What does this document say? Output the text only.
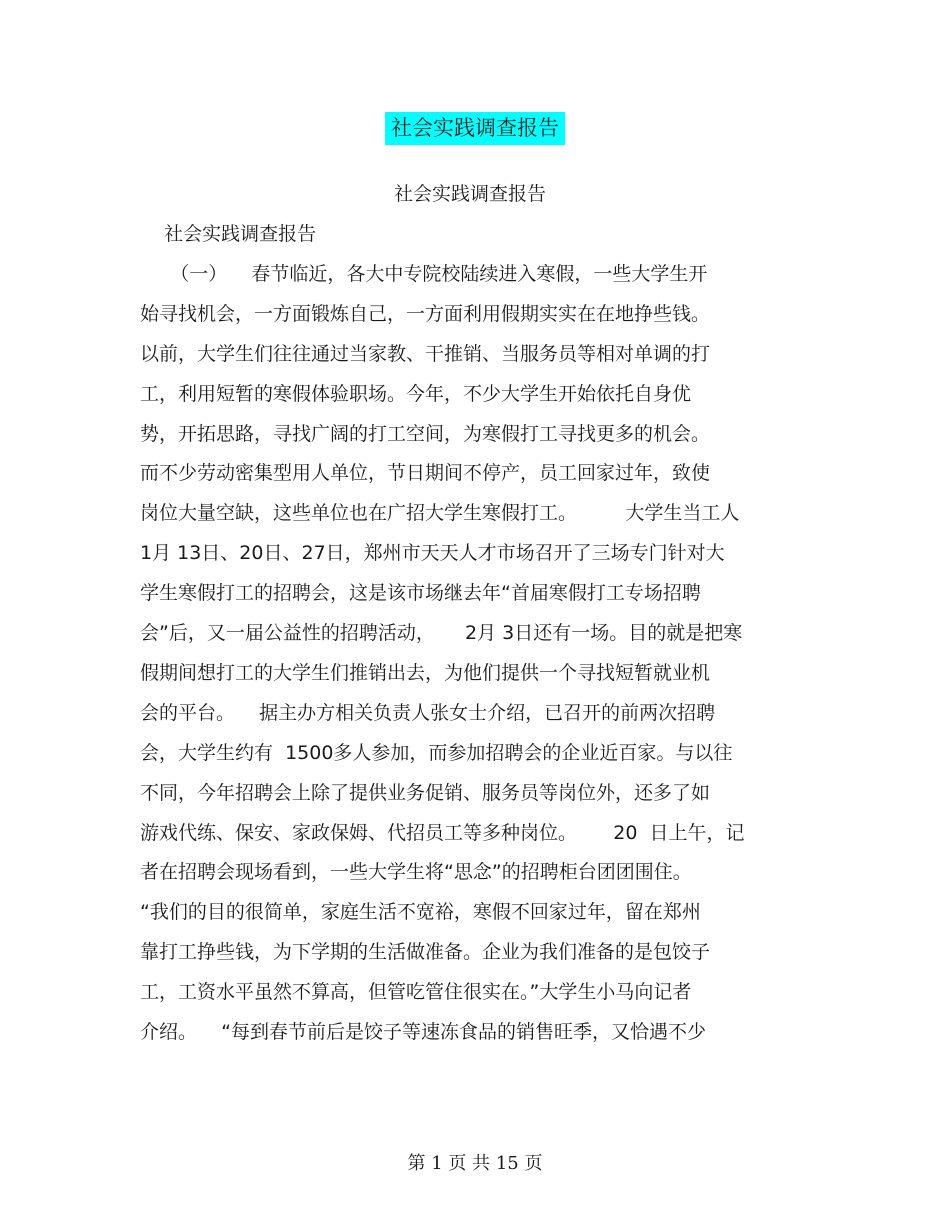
社会实践调查报告
社会实践调查报告
社会实践调查报告
（一）    春节临近，各大中专院校陆续进入寒假，一些大学生开
始寻找机会，一方面锻炼自己，一方面利用假期实实在在地挣些钱。
以前，大学生们往往通过当家教、干推销、当服务员等相对单调的打
工，利用短暂的寒假体验职场。今年，不少大学生开始依托自身优
势，开拓思路，寻找广阔的打工空间，为寒假打工寻找更多的机会。
而不少劳动密集型用人单位，节日期间不停产，员工回家过年，致使
岗位大量空缺，这些单位也在广招大学生寒假打工。        大学生当工人
1月 13日、20日、27日，郑州市天天人才市场召开了三场专门针对大
学生寒假打工的招聘会，这是该市场继去年“首届寒假打工专场招聘
会”后，又一届公益性的招聘活动，     2月 3日还有一场。目的就是把寒
假期间想打工的大学生们推销出去，为他们提供一个寻找短暂就业机
会的平台。    据主办方相关负责人张女士介绍，已召开的前两次招聘
会，大学生约有  1500多人参加，而参加招聘会的企业近百家。与以往
不同，今年招聘会上除了提供业务促销、服务员等岗位外，还多了如
游戏代练、保安、家政保姆、代招员工等多种岗位。      20  日上午，记
者在招聘会现场看到，一些大学生将“思念”的招聘柜台团团围住。
“我们的目的很简单，家庭生活不宽裕，寒假不回家过年，留在郑州
靠打工挣些钱，为下学期的生活做准备。企业为我们准备的是包饺子
工，工资水平虽然不算高，但管吃管住很实在。”大学生小马向记者
介绍。    “每到春节前后是饺子等速冻食品的销售旺季，又恰遇不少
第 1 页 共 15 页
